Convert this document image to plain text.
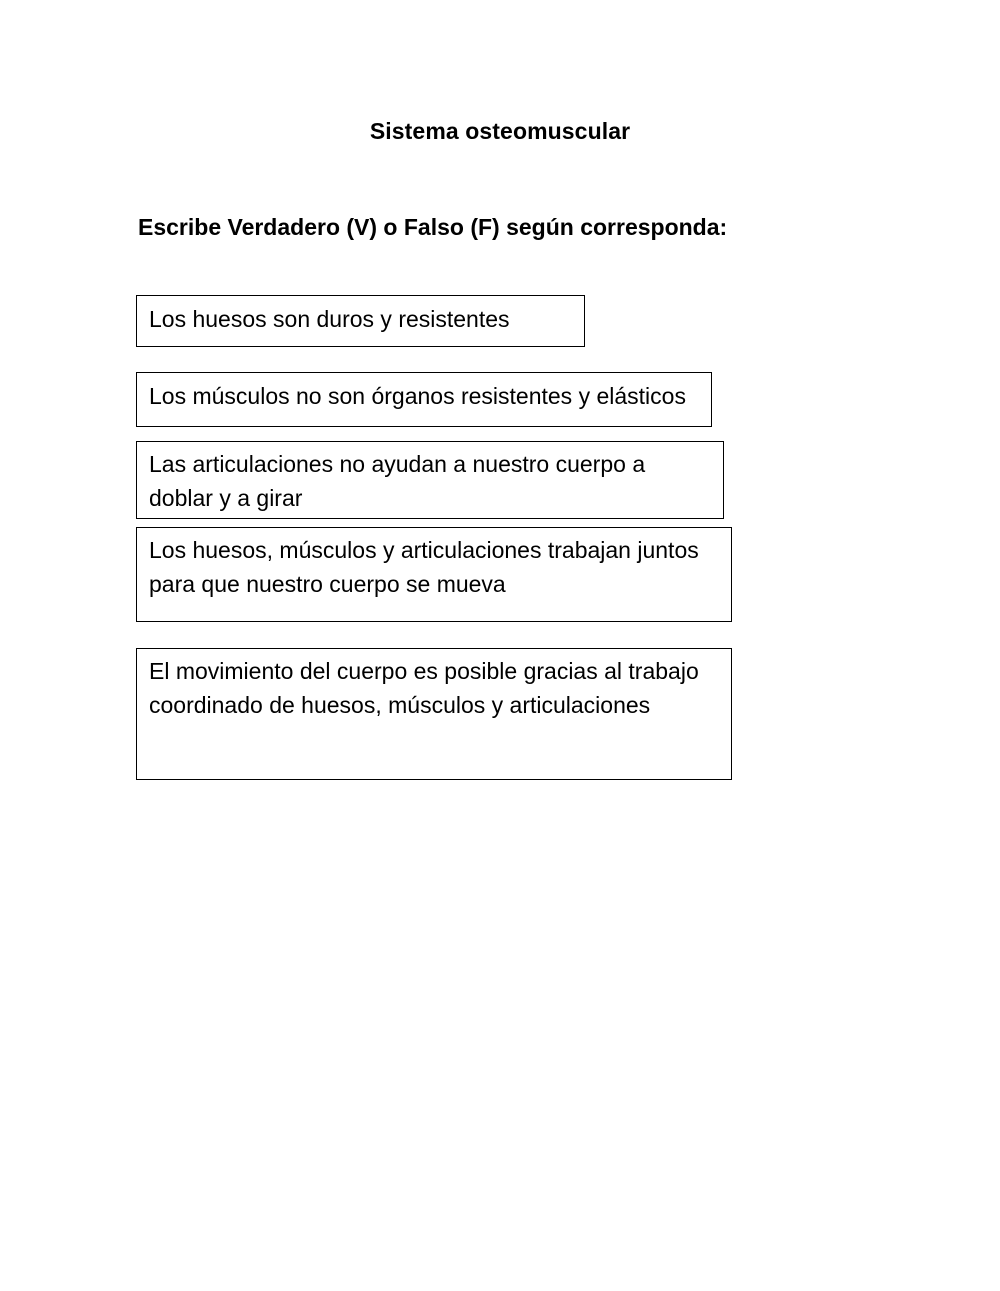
Sistema osteomuscular
Escribe Verdadero (V) o Falso (F) según corresponda:
Los huesos son duros y resistentes
Los músculos no son órganos resistentes y elásticos
Las articulaciones no ayudan a nuestro cuerpo a doblar y a girar
Los huesos, músculos y articulaciones trabajan juntos para que nuestro cuerpo se mueva
El movimiento del cuerpo es posible gracias al trabajo coordinado de huesos, músculos y articulaciones
